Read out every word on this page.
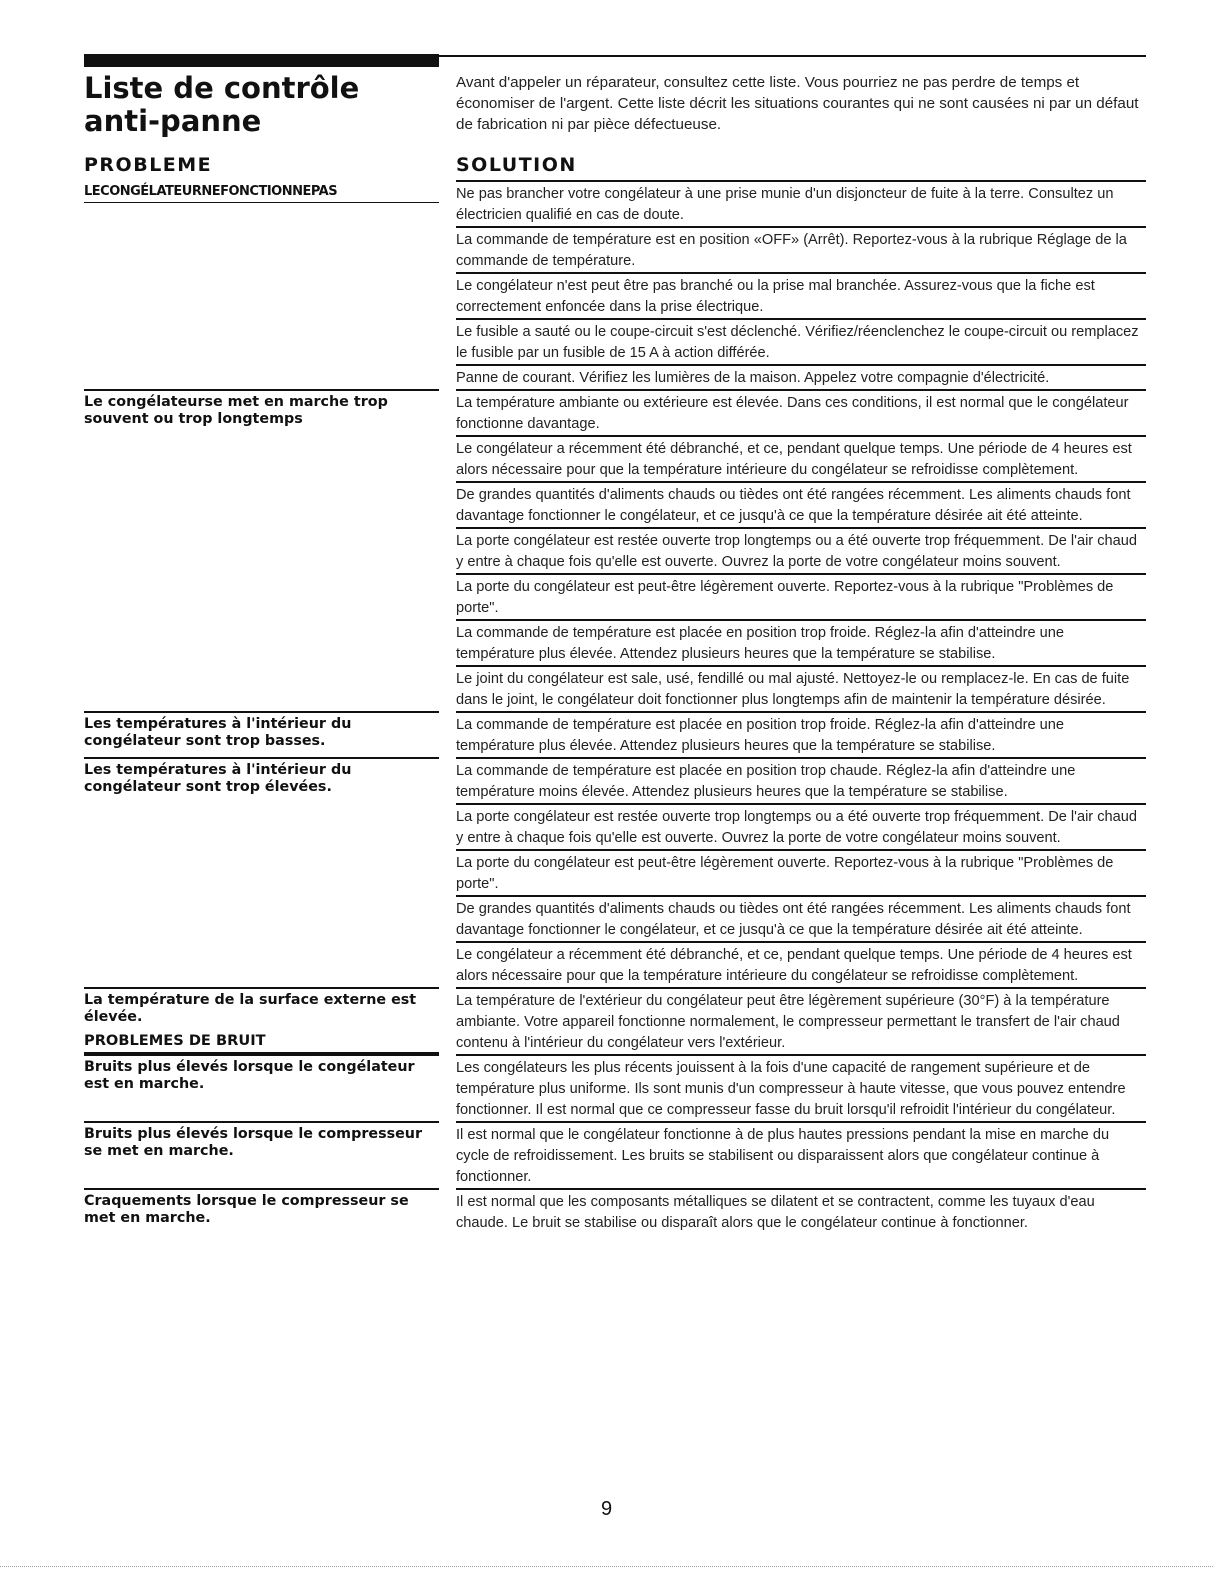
Liste de contrôle
anti-panne

Avant d'appeler un réparateur, consultez cette liste. Vous pourriez ne pas perdre de temps et économiser de l'argent. Cette liste décrit les situations courantes qui ne sont causées ni par un défaut de fabrication ni par pièce défectueuse.

PROBLEME	SOLUTION

LECONGÉLATEURNEFONCTIONNEPAS	Ne pas brancher votre congélateur à une prise munie d'un disjoncteur de fuite à la terre. Consultez un électricien qualifié en cas de doute.

La commande de température est en position «OFF» (Arrêt). Reportez-vous à la rubrique Réglage de la commande de température.

Le congélateur n'est peut être pas branché ou la prise mal branchée. Assurez-vous que la fiche est correctement enfoncée dans la prise électrique.

Le fusible a sauté ou le coupe-circuit s'est déclenché. Vérifiez/réenclenchez le coupe-circuit ou remplacez le fusible par un fusible de 15 A à action différée.

Panne de courant. Vérifiez les lumières de la maison. Appelez votre compagnie d'électricité.

Le congélateurse met en marche trop souvent ou trop longtemps

La température ambiante ou extérieure est élevée. Dans ces conditions, il est normal que le congélateur fonctionne davantage.

Le congélateur a récemment été débranché, et ce, pendant quelque temps. Une période de 4 heures est alors nécessaire pour que la température intérieure du congélateur se refroidisse complètement.

De grandes quantités d'aliments chauds ou tièdes ont été rangées récemment. Les aliments chauds font davantage fonctionner le congélateur, et ce jusqu'à ce que la température désirée ait été atteinte.

La porte congélateur est restée ouverte trop longtemps ou a été ouverte trop fréquemment. De l'air chaud y entre à chaque fois qu'elle est ouverte. Ouvrez la porte de votre congélateur moins souvent.

La porte du congélateur est peut-être légèrement ouverte. Reportez-vous à la rubrique "Problèmes de porte".

La commande de température est placée en position trop froide. Réglez-la afin d'atteindre une température plus élevée. Attendez plusieurs heures que la température se stabilise.

Le joint du congélateur est sale, usé, fendillé ou mal ajusté. Nettoyez-le ou remplacez-le. En cas de fuite dans le joint, le congélateur doit fonctionner plus longtemps afin de maintenir la température désirée.

Les températures à l'intérieur du congélateur sont trop basses.

La commande de température est placée en position trop froide. Réglez-la afin d'atteindre une température plus élevée. Attendez plusieurs heures que la température se stabilise.

Les températures à l'intérieur du congélateur sont trop élevées.

La commande de température est placée en position trop chaude. Réglez-la afin d'atteindre une température moins élevée. Attendez plusieurs heures que la température se stabilise.

La porte congélateur est restée ouverte trop longtemps ou a été ouverte trop fréquemment. De l'air chaud y entre à chaque fois qu'elle est ouverte. Ouvrez la porte de votre congélateur moins souvent.

La porte du congélateur est peut-être légèrement ouverte. Reportez-vous à la rubrique "Problèmes de porte".

De grandes quantités d'aliments chauds ou tièdes ont été rangées récemment. Les aliments chauds font davantage fonctionner le congélateur, et ce jusqu'à ce que la température désirée ait été atteinte.

Le congélateur a récemment été débranché, et ce, pendant quelque temps. Une période de 4 heures est alors nécessaire pour que la température intérieure du congélateur se refroidisse complètement.

La température de la surface externe est élevée.

PROBLEMES DE BRUIT

La température de l'extérieur du congélateur peut être légèrement supérieure (30°F) à la température ambiante. Votre appareil fonctionne normalement, le compresseur permettant le transfert de l'air chaud contenu à l'intérieur du congélateur vers l'extérieur.

Bruits plus élevés lorsque le congélateur est en marche.

Les congélateurs les plus récents jouissent à la fois d'une capacité de rangement supérieure et de température plus uniforme. Ils sont munis d'un compresseur à haute vitesse, que vous pouvez entendre fonctionner. Il est normal que ce compresseur fasse du bruit lorsqu'il refroidit l'intérieur du congélateur.

Bruits plus élevés lorsque le compresseur se met en marche.

Il est normal que le congélateur fonctionne à de plus hautes pressions pendant la mise en marche du cycle de refroidissement. Les bruits se stabilisent ou disparaissent alors que congélateur continue à fonctionner.

Craquements lorsque le compresseur se met en marche.

Il est normal que les composants métalliques se dilatent et se contractent, comme les tuyaux d'eau chaude. Le bruit se stabilise ou disparaît alors que le congélateur continue à fonctionner.

9
